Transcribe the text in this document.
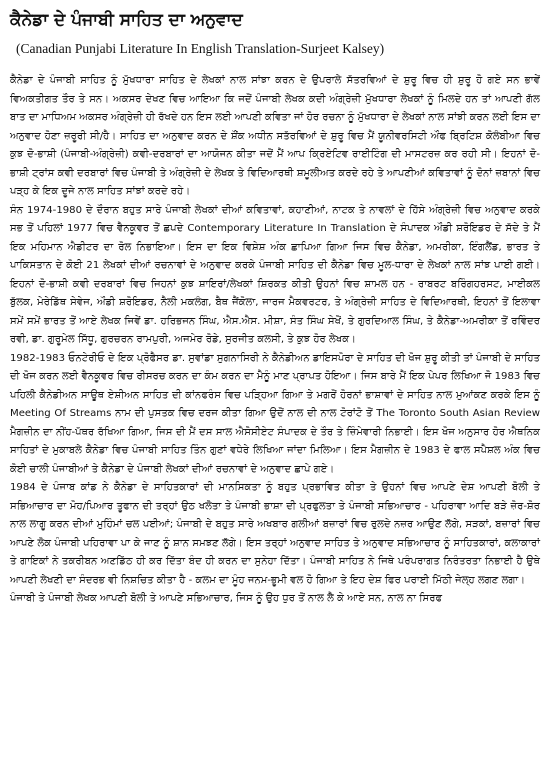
ਕੈਨੇਡਾ ਦੇ ਪੰਜਾਬੀ ਸਾਹਿਤ ਦਾ ਅਨੁਵਾਦ
(Canadian Punjabi Literature In English Translation-Surjeet Kalsey)

ਕੈਨੇਡਾ ਦੇ ਪੰਜਾਬੀ ਸਾਹਿਤ ਨੂੰ ਮੁੱਖਧਾਰਾ ਸਾਹਿਤ ਦੇ ਲੇਖਕਾਂ ਨਾਲ ਸਾਂਝਾ ਕਰਨ ਦੇ ਉਪਰਾਲੇ ਸੱਤਰਵਿਆਂ ਦੇ ਸ਼ੁਰੂ ਵਿਚ ਹੀ ਸ਼ੁਰੂ ਹੋ ਗਏ ਸਨ ਭਾਵੇਂ ਵਿਅਕਤੀਗਤ ਤੌਰ ਤੇ ਸਨ। ਅਕਸਰ ਦੇਖਣ ਵਿਚ ਆਇਆ ਕਿ ਜਦੋਂ ਪੰਜਾਬੀ ਲੇਖਕ ਕਦੀ ਅੰਗ੍ਰੇਜ਼ੀ ਮੁੱਖਧਾਰਾ ਲੇਖਕਾਂ ਨੂੰ ਮਿਲਦੇ ਹਨ ਤਾਂ ਆਪਣੀ ਗੱਲ ਬਾਤ ਦਾ ਮਾਧਿਅਮ ਅਕਸਰ ਅੰਗ੍ਰੇਜ਼ੀ ਹੀ ਰੱਖਦੇ ਹਨ ਇਸ ਲਈ ਆਪਣੀ ਕਵਿਤਾ ਜਾਂ ਹੋਰ ਰਚਨਾ ਨੂੰ ਮੁੱਖਧਾਰਾ ਦੇ ਲੇਖਕਾਂ ਨਾਲ ਸਾਂਝੀ ਕਰਨ ਲਈ ਇਸ ਦਾ ਅਨੁਵਾਦ ਹੋਣਾ ਜ਼ਰੂਰੀ ਸੀ/ਹੈ। ਸਾਹਿਤ ਦਾ ਅਨੁਵਾਦ ਕਰਨ ਦੇ ਸ਼ੌਂਕ ਅਧੀਨ ਸਤੱਰਵਿਆਂ ਦੇ ਸ਼ੁਰੂ ਵਿਚ ਮੈਂ ਯੂਨੀਵਰਸਿਟੀ ਔਫ ਬ੍ਰਿਟਿਸ਼ ਕੋਲੰਬੀਆ ਵਿਚ ਕੁਝ ਦੋ-ਭਾਸ਼ੀ (ਪੰਜਾਬੀ-ਅੰਗ੍ਰੇਜ਼ੀ) ਕਵੀ-ਦਰਬਾਰਾਂ ਦਾ ਆਯੋਜਨ ਕੀਤਾ ਜਦੋਂ ਮੈਂ ਆਪ ਕ੍ਰਿਏਟਿਵ ਰਾਈਟਿੰਗ ਦੀ ਮਾਸਟਰਜ਼ ਕਰ ਰਹੀ ਸੀ। ਇਹਨਾਂ ਦੋ-ਭਾਸ਼ੀ ਟ੍ਰਾਂਸ ਕਵੀ ਦਰਬਾਰਾਂ ਵਿਚ ਪੰਜਾਬੀ ਤੇ ਅੰਗ੍ਰੇਜ਼ੀ ਦੇ ਲੇਖਕ ਤੇ ਵਿਦਿਆਰਥੀ ਸ਼ਮੂਲੀਅਤ ਕਰਦੇ ਰਹੇ ਤੇ ਆਪਣੀਆਂ ਕਵਿਤਾਵਾਂ ਨੂੰ ਦੋਨਾਂ ਜ਼ਬਾਨਾਂ ਵਿਚ ਪੜ੍ਹ ਕੇ ਇਕ ਦੂਜੇ ਨਾਲ ਸਾਹਿਤ ਸਾਂਝਾਂ ਕਰਦੇ ਰਹੇ।

ਸੰਨ 1974-1980 ਦੇ ਦੌਰਾਨ ਬਹੁਤ ਸਾਰੇ ਪੰਜਾਬੀ ਲੇਖਕਾਂ ਦੀਆਂ ਕਵਿਤਾਵਾਂ, ਕਹਾਣੀਆਂ, ਨਾਟਕ ਤੇ ਨਾਵਲਾਂ ਦੇ ਹਿੱਸੇ ਅੰਗ੍ਰੇਜ਼ੀ ਵਿਚ ਅਨੁਵਾਦ ਕਰਕੇ ਸਭ ਤੋਂ ਪਹਿਲਾਂ 1977 ਵਿਚ ਵੈਨਕੂਵਰ ਤੋਂ ਛਪਦੇ Contemporary Literature In Translation ਦੇ ਸੰਪਾਦਕ ਔਡੀ ਸ਼ਰੋਇਡਰ ਦੇ ਸੱਦੇ ਤੇ ਮੈਂ ਇਕ ਮਹਿਮਾਨ ਐਡੀਟਰ ਦਾ ਰੋਲ ਨਿਭਾਇਆ। ਇਸ ਦਾ ਇਕ ਵਿਸ਼ੇਸ਼ ਅੰਕ ਛਾਪਿਆ ਗਿਆ ਜਿਸ ਵਿਚ ਕੈਨੇਡਾ, ਅਮਰੀਕਾ, ਇੰਗਲੈਂਡ, ਭਾਰਤ ਤੇ ਪਾਕਿਸਤਾਨ ਦੇ ਕੋਈ 21 ਲੇਖਕਾਂ ਦੀਆਂ ਰਚਨਾਵਾਂ ਦੇ ਅਨੁਵਾਦ ਕਰਕੇ ਪੰਜਾਬੀ ਸਾਹਿਤ ਦੀ ਕੈਨੇਡਾ ਵਿਚ ਮੂਲ-ਧਾਰਾ ਦੇ ਲੇਖਕਾਂ ਨਾਲ ਸਾਂਝ ਪਾਈ ਗਈ। ਇਹਨਾਂ ਦੋ-ਭਾਸ਼ੀ ਕਵੀ ਦਰਬਾਰਾਂ ਵਿਚ ਜਿਹਨਾਂ ਕੁਝ ਸ਼ਾਇਰਾਂ/ਲੇਖਕਾਂ ਸ਼ਿਰਕਤ ਕੀਤੀ ਉਹਨਾਂ ਵਿਚ ਸ਼ਾਮਲ ਹਨ - ਰਾਬਰਟ ਬਰਿੰਗਹਰਸਟ, ਮਾਈਕਲ ਬੁੱਲਕ, ਮੇਰੇਡਿੱਥ ਸੇਵੇਜ, ਔਡੀ ਸ਼ਰੋਇਡਰ, ਨੈਲੀ ਮਕਲੰਗ, ਬੈਥ ਜੈਂਕੋਲਾ, ਜਾਰਜ ਮੈਕਵਰਟਰ, ਤੇ ਅੰਗ੍ਰੇਜ਼ੀ ਸਾਹਿਤ ਦੇ ਵਿਦਿਆਰਥੀ, ਇਹਨਾਂ ਤੋਂ ਇਲਾਵਾ ਸਮੇਂ ਸਮੇਂ ਭਾਰਤ ਤੋਂ ਆਏ ਲੇਖਕ ਜਿਵੇਂ ਡਾ. ਹਰਿਭਜਨ ਸਿੰਘ, ਐਸ.ਐਸ. ਮੀਸ਼ਾ, ਸੰਤ ਸਿੰਘ ਸੇਖੋਂ, ਤੇ ਗੁਰਦਿਆਲ ਸਿੰਘ, ਤੇ ਕੈਨੇਡਾ-ਅਮਰੀਕਾ ਤੋਂ ਰਵਿੰਦਰ ਰਵੀ, ਡਾ. ਗੁਰੂਮੇਲ ਸਿੱਧੂ, ਗੁਰਚਰਨ ਰਾਮਪੁਰੀ, ਅਜਮੇਰ ਰੋਡੇ, ਸੁਰਜੀਤ ਕਲਸੀ, ਤੇ ਕੁਝ ਹੋਰ ਲੇਖਕ।

1982-1983 ਓਨਟੇਰੀਓ ਦੇ ਇਕ ਪ੍ਰੋਫੈਸਰ ਡਾ. ਸੁਵਾਂਡਾ ਸੁਗਨਾਸਿਰੀ ਨੇ ਕੈਨੇਡੀਅਨ ਡਾਇਸਪੋਰਾ ਦੇ ਸਾਹਿਤ ਦੀ ਖੋਜ ਸ਼ੁਰੂ ਕੀਤੀ ਤਾਂ ਪੰਜਾਬੀ ਦੇ ਸਾਹਿਤ ਦੀ ਖੋਜ ਕਰਨ ਲਈ ਵੈਨਕੂਵਰ ਵਿਚ ਰੀਸਰਚ ਕਰਨ ਦਾ ਕੰਮ ਕਰਨ ਦਾ ਮੈਨੂੰ ਮਾਣ ਪ੍ਰਾਪਤ ਹੋਇਆ। ਜਿਸ ਬਾਰੇ ਮੈਂ ਇਕ ਪੇਪਰ ਲਿਖਿਆ ਜੋ 1983 ਵਿਚ ਪਹਿਲੀ ਕੈਨੇਡੀਅਨ ਸਾਊਥ ਏਸ਼ੀਅਨ ਸਾਹਿਤ ਦੀ ਕਾਂਨਫਰੰਸ ਵਿਚ ਪੜ੍ਹਿਆ ਗਿਆ ਤੇ ਮਗਰੋਂ ਹੋਰਨਾਂ ਭਾਸ਼ਾਵਾਂ ਦੇ ਸਾਹਿਤ ਨਾਲ ਮੁਆਂਕਣ ਕਰਕੇ ਇਸ ਨੂੰ Meeting Of Streams ਨਾਮ ਦੀ ਪੁਸਤਕ ਵਿਚ ਦਰਜ ਕੀਤਾ ਗਿਆ ਉਦੋਂ ਨਾਲ ਦੀ ਨਾਲ ਟੋਰਾਂਟੋ ਤੋਂ The Toronto South Asian Review ਮੈਗਜ਼ੀਨ ਦਾ ਨੀਂਹ-ਪੱਥਰ ਰੱਖਿਆ ਗਿਆ, ਜਿਸ ਦੀ ਮੈਂ ਦਸ ਸਾਲ ਐਸੋਸੀਏਟ ਸੰਪਾਦਕ ਦੇ ਤੌਰ ਤੇ ਜ਼ਿੰਮੇਵਾਰੀ ਨਿਭਾਈ। ਇਸ ਖੋਜ ਅਨੁਸਾਰ ਹੋਰ ਐਥਨਿਕ ਸਾਹਿਤਾਂ ਦੇ ਮੁਕਾਬਲੇ ਕੈਨੇਡਾ ਵਿਚ ਪੰਜਾਬੀ ਸਾਹਿਤ ਤਿੰਨ ਗੁਣਾਂ ਵਧੇਰੇ ਲਿਖਿਆ ਜਾਂਦਾ ਮਿਲਿਆ। ਇਸ ਮੈਗਜ਼ੀਨ ਦੇ 1983 ਦੇ ਫਾਲ ਸਪੈਸ਼ਲ ਅੰਕ ਵਿਚ ਕੋਈ ਚਾਲੀ ਪੰਜਾਬੀਆਂ ਤੇ ਕੈਨੇਡਾ ਦੇ ਪੰਜਾਬੀ ਲੇਖਕਾਂ ਦੀਆਂ ਰਚਨਾਵਾਂ ਦੇ ਅਨੁਵਾਦ ਛਾਪੇ ਗਏ।

1984 ਦੇ ਪੰਜਾਬ ਕਾਂਡ ਨੇ ਕੈਨੇਡਾ ਦੇ ਸਾਹਿਤਕਾਰਾਂ ਦੀ ਮਾਨਸਿਕਤਾ ਨੂੰ ਬਹੁਤ ਪ੍ਰਭਾਵਿਤ ਕੀਤਾ ਤੇ ਉਹਨਾਂ ਵਿਚ ਆਪਣੇ ਦੇਸ਼ ਆਪਣੀ ਬੋਲੀ ਤੇ ਸਭਿਆਚਾਰ ਦਾ ਮੋਹ/ਪਿਆਰ ਤੂਫਾਨ ਦੀ ਤਰ੍ਹਾਂ ਉਠ ਖਲੋਤਾ ਤੇ ਪੰਜਾਬੀ ਭਾਸ਼ਾ ਦੀ ਪ੍ਰਫੁਲਤਾ ਤੇ ਪੰਜਾਬੀ ਸਭਿਆਚਾਰ - ਪਹਿਰਾਵਾ ਆਦਿ ਬੜੇ ਜ਼ੋਰ-ਸ਼ੋਰ ਨਾਲ ਲਾਗੂ ਕਰਨ ਦੀਆਂ ਮੁਹਿੰਮਾਂ ਚਲ ਪਈਆਂ; ਪੰਜਾਬੀ ਦੇ ਬਹੁਤ ਸਾਰੇ ਅਖਬਾਰ ਗਲੀਆਂ ਬਜ਼ਾਰਾਂ ਵਿਚ ਰੁਲਦੇ ਨਜ਼ਰ ਆਉਣ ਲੱਗੇ, ਸੜਕਾਂ, ਬਜ਼ਾਰਾਂ ਵਿਚ ਆਪਣੇ ਲੋਕ ਪੰਜਾਬੀ ਪਹਿਰਾਵਾ ਪਾ ਕੇ ਜਾਣ ਨੂੰ ਸ਼ਾਨ ਸਮਝਣ ਲੱਗੇ। ਇਸ ਤਰ੍ਹਾਂ ਅਨੁਵਾਦ ਸਾਹਿਤ ਤੇ ਅਨੁਵਾਦ ਸਭਿਆਚਾਰ ਨੂੰ ਸਾਹਿਤਕਾਰਾਂ, ਕਲਾਕਾਰਾਂ ਤੇ ਗਾਇਕਾਂ ਨੇ ਤਕਰੀਬਨ ਅਣਡਿੱਠ ਹੀ ਕਰ ਦਿੱਤਾ ਬੰਦ ਹੀ ਕਰਨ ਦਾ ਸੁਨੇਹਾ ਦਿੱਤਾ। ਪੰਜਾਬੀ ਸਾਹਿਤ ਨੇ ਜਿਥੇ ਪਰੰਪਰਾਗਤ ਨਿਰੰਤਰਤਾ ਨਿਭਾਈ ਹੈ ਉਥੇ ਆਪਣੀ ਲੇਖਣੀ ਦਾ ਸੰਦਰਭ ਵੀ ਨਿਸ਼ਚਿਤ ਕੀਤਾ ਹੈ - ਕਲਮ ਦਾ ਮੂੰਹ ਜਨਮ-ਭੂਮੀ ਵਲ ਹੋ ਗਿਆ ਤੇ ਇਹ ਦੇਸ਼ ਫਿਰ ਪਰਾਈ ਮਿੱਠੀ ਜੇਲ੍ਹ ਲਗਣ ਲਗਾ।

ਪੰਜਾਬੀ ਤੇ ਪੰਜਾਬੀ ਲੇਖਕ ਆਪਣੀ ਬੋਲੀ ਤੇ ਆਪਣੇ ਸਭਿਆਚਾਰ, ਜਿਸ ਨੂੰ ਉਹ ਧੁਰ ਤੋਂ ਨਾਲ ਲੈ ਕੇ ਆਏ ਸਨ, ਨਾਲ ਨਾ ਸਿਰਫ
